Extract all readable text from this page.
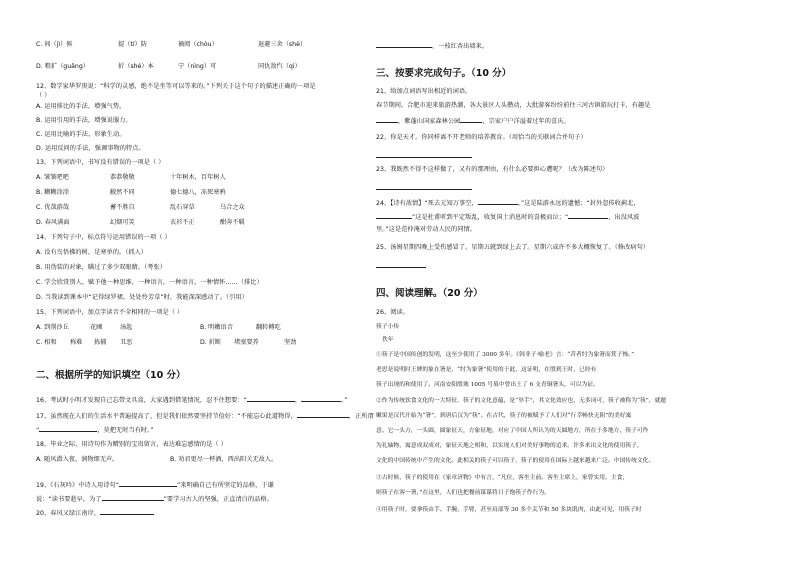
C. 间（jì）候	提（tí）防	禍阅（chòu）	退避三舍（shè）
D. 粗犷（guǎng）	折（shé）本	宁（nìng）可	同仇敌忾（qì）
12、数学家华罗庚说：“科学的灵感，绝不是坐等可以等来的。”下列关于这个句子的描述正确的一项是
（ ）
A. 运用排比的手法，增强气势。
B. 运用引用的手法，增强说服力。
C. 运用比喻的手法，形象生动。
D. 运用反问的手法，强调事物的特点。
13、下列词语中，书写没有错误的一项是（ ）
A. 皱皱吧吧	恭恭敬敬	十年树木，百年树人
B. 糊糊涂涂	敝然不同	德七德八，冻死寒鸦
C. 优哉游哉	蓄不胜自	乱石穿草	乌合之众
D. 春风满面	幻烟可笑	衣衫不正	酣奔不羁
14、下列句子中，标点符号运用错误的一项（ ）
A. 没有鸟悟拂的树，是寒单的。（抓人）
B. 用伪装的对象，瞒过了多少双眼睛。（考张）
C. 学会欣赏别人，赋予他一种思维，一种语言，一种语言，一种情怀……（排比）
D. 当我读到课本中“记得绿罗裙，处处怜芳草”时，我能深深感动了。（引用）
15、下列词语中，加点字读音不全相同的一项是（ ）
A. 到削沙丘	花圃	汤匙	B. 明嫩语音	翻转轉吃
C. 相和 称难 拣捕 丑恶	D. 折断 堵塞要养	坚劲
二、根据所学的知识填空（10 分）
16、考试时小明才发现自己忘带文具盒，大家遇到借笔情况，忍不住想要：“	，	。”
17、虽然现在人们的生活水平普遍提高了，但是我们依然要坚持节俭好：“不能忘心此道物得，	，正所谓
“	，莫把无时当有时。”
18、毕业之际，用诗句作为赠别的宝贵留言，表达难忘感情的是（ ）
A. 随风潜入夜，润物细无声。	B. 劝君更尽一杯酒，西出阳关无故人。
19、《石灰吟》中诗人用诗句“	”来明确自己有所坚定的品格，于谦
说：“读书要趁早，为了	”要学习古人的坚强，正直清白的品格。
20、春风又绿江南岸，
，一枝红杏出墙来。
三、按要求完成句子。（10 分）
21、给加点词语写出相近的词语。
春节期间，合肥市迎来旅游热潮，各大景区人头攒动，大批游客纷纷前往三河古镇游玩打卡，有趣是
，紫蓬山国家森林公园	，宗家户户洋溢着过年的喜庆。
22、你是天才。你同样离不开老师的培养教育。（用恰当的关联词合并句子）
23、我既然不得不这样做了，又有的那理由，有什么必要担心遭呢？（改为陈述句）
24、【诗有浓情】“死去元知万事空，	。”这是陆游永远的遗憾；“封外忽传收蓟北，
”这是杜甫听到平定叛乱，收复国土消息时的喜极而泣；“	，出没风波
里。”这是范仲淹对劳动人民的同情。
25、汤姆星期四晚上受伤感冒了。星期五就到绿上去了。星期六或许不多大概恢复了。（修改病句）
四、阅读理解。（20 分）
26、阅读。
筷子小传
佚年
①筷子是中国传创的发明，这至少使用了 3000 多年。《韩非子·喻老》言：“昔者纣为象箸而箕子怖。”
老思是说明时王婢的象在箸是，“纣为象箸”使用的于此，这证明，在殷到王时，已经有
筷子出现的和使用了。河南安阳殷墟 1005 号墓中曾出土了 6 支青铜箸头，可以为证。
②作为传统饮食文化的一大特征，筷子的文化意蕴，是“举手”，其文化效应也，无多词可，筷子被称为“筷”，就题
嫩果是汉代开始为“箸”，到唐后汉为“筷”。在古代，筷子的被赋予了人们对“行幸畅快无阻”的美好寓
意。它一头方，一头圆，圆象征天，方象征地，对应了中国人所认为的天圆地方，所在于多地方，筷子可作
为礼轴物，寓意成双成对，象征天地之相和，以实现人们对美好事物的追求。许多来出文化的使用筷子，
文化的中国传统中产生的文化。此相关的筷子可以筷子，筷子的使用在国际上越来越来广泛。中国传统文化。
③古时候，筷子的使用在《家章济物》中有言，“凡位，客坐主前。客坐主席上，家曾实用，主食，
则筷子在客一箸，”在这里，人们也把餐前谋谋将日子饱筷子作行为。
④用筷子时，要拿筷由手、手腕、手臂，甚至肩部等 30 多个关节和 50 多块肌肉，由此可见，用筷子时
